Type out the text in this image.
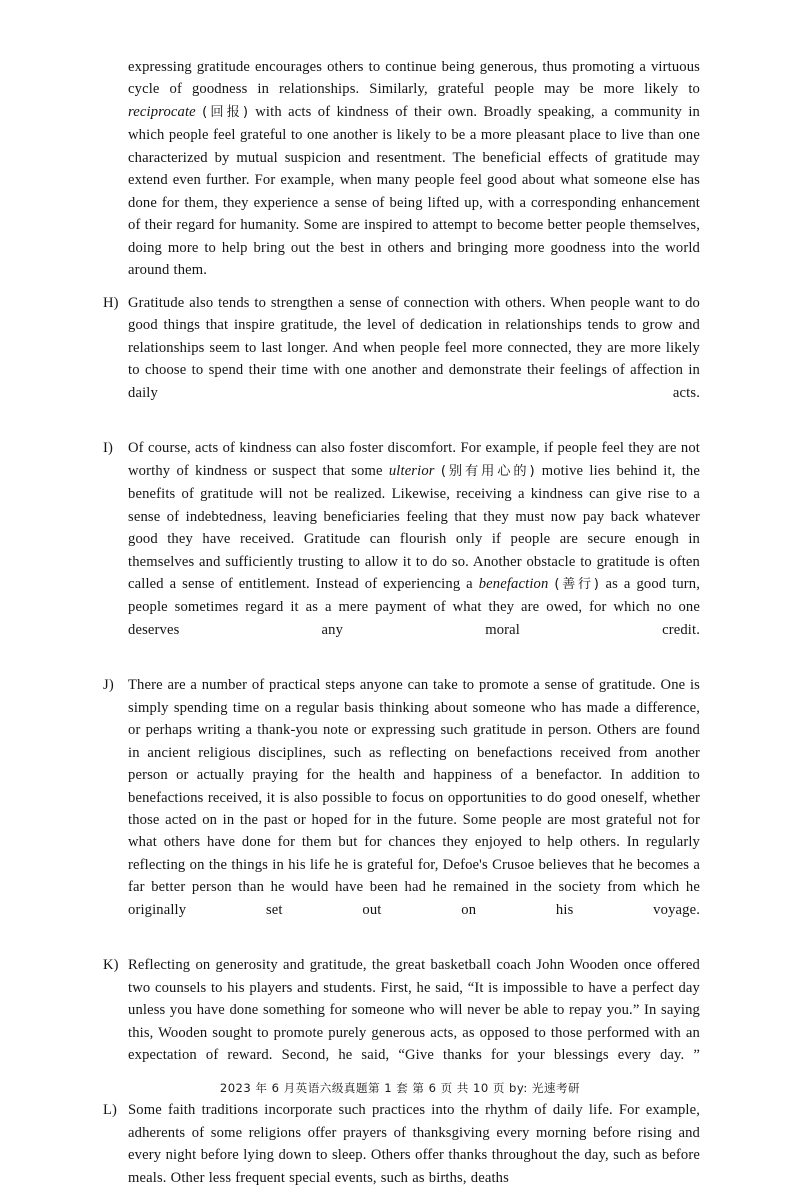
expressing gratitude encourages others to continue being generous, thus promoting a virtuous cycle of goodness in relationships. Similarly, grateful people may be more likely to reciprocate (回报) with acts of kindness of their own. Broadly speaking, a community in which people feel grateful to one another is likely to be a more pleasant place to live than one characterized by mutual suspicion and resentment. The beneficial effects of gratitude may extend even further. For example, when many people feel good about what someone else has done for them, they experience a sense of being lifted up, with a corresponding enhancement of their regard for humanity. Some are inspired to attempt to become better people themselves, doing more to help bring out the best in others and bringing more goodness into the world around them.
H) Gratitude also tends to strengthen a sense of connection with others. When people want to do good things that inspire gratitude, the level of dedication in relationships tends to grow and relationships seem to last longer. And when people feel more connected, they are more likely to choose to spend their time with one another and demonstrate their feelings of affection in daily acts.
I)	Of course, acts of kindness can also foster discomfort. For example, if people feel they are not worthy of kindness or suspect that some ulterior (别有用心的) motive lies behind it, the benefits of gratitude will not be realized. Likewise, receiving a kindness can give rise to a sense of indebtedness, leaving beneficiaries feeling that they must now pay back whatever good they have received. Gratitude can flourish only if people are secure enough in themselves and sufficiently trusting to allow it to do so. Another obstacle to gratitude is often called a sense of entitlement. Instead of experiencing a benefaction (善行) as a good turn, people sometimes regard it as a mere payment of what they are owed, for which no one deserves any moral credit.
J) There are a number of practical steps anyone can take to promote a sense of gratitude. One is simply spending time on a regular basis thinking about someone who has made a difference, or perhaps writing a thank-you note or expressing such gratitude in person. Others are found in ancient religious disciplines, such as reflecting on benefactions received from another person or actually praying for the health and happiness of a benefactor. In addition to benefactions received, it is also possible to focus on opportunities to do good oneself, whether those acted on in the past or hoped for in the future. Some people are most grateful not for what others have done for them but for chances they enjoyed to help others. In regularly reflecting on the things in his life he is grateful for, Defoe's Crusoe believes that he becomes a far better person than he would have been had he remained in the society from which he originally set out on his voyage.
K) Reflecting on generosity and gratitude, the great basketball coach John Wooden once offered two counsels to his players and students. First, he said, “It is impossible to have a perfect day unless you have done something for someone who will never be able to repay you.” In saying this, Wooden sought to promote purely generous acts, as opposed to those performed with an expectation of reward. Second, he said, “Give thanks for your blessings every day. ”
L) Some faith traditions incorporate such practices into the rhythm of daily life. For example, adherents of some religions offer prayers of thanksgiving every morning before rising and every night before lying down to sleep. Others offer thanks throughout the day, such as before meals. Other less frequent special events, such as births, deaths
2023 年 6 月英语六级真题第 1 套 第 6 页 共 10 页 by: 光速考研
